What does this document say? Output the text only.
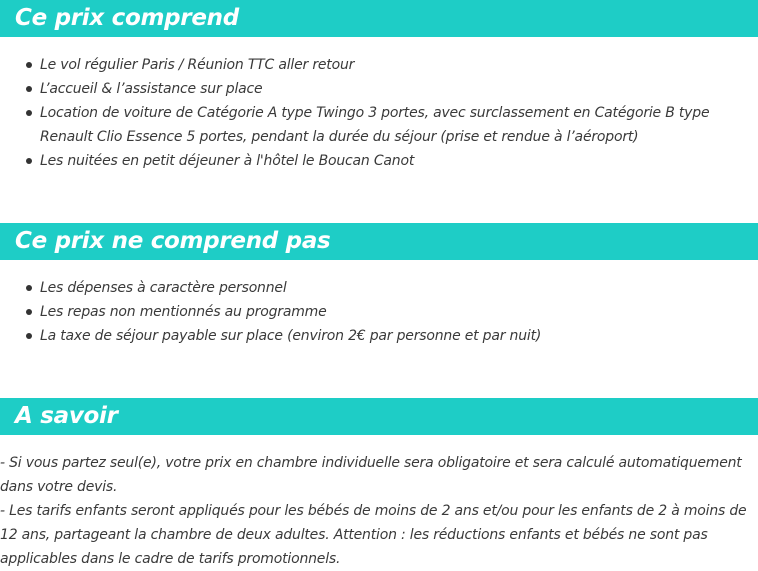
Ce prix comprend
Le vol régulier Paris / Réunion TTC aller retour
L’accueil & l’assistance sur place
Location de voiture de Catégorie A type Twingo 3 portes, avec surclassement en Catégorie B type Renault Clio Essence 5 portes, pendant la durée du séjour (prise et rendue à l’aéroport)
Les nuitées en petit déjeuner à l'hôtel le Boucan Canot
Ce prix ne comprend pas
Les dépenses à caractère personnel
Les repas non mentionnés au programme
La taxe de séjour payable sur place (environ 2€ par personne et par nuit)
A savoir
- Si vous partez seul(e), votre prix en chambre individuelle sera obligatoire et sera calculé automatiquement dans votre devis.
- Les tarifs enfants seront appliqués pour les bébés de moins de 2 ans et/ou pour les enfants de 2 à moins de 12 ans, partageant la chambre de deux adultes. Attention : les réductions enfants et bébés ne sont pas applicables dans le cadre de tarifs promotionnels.
